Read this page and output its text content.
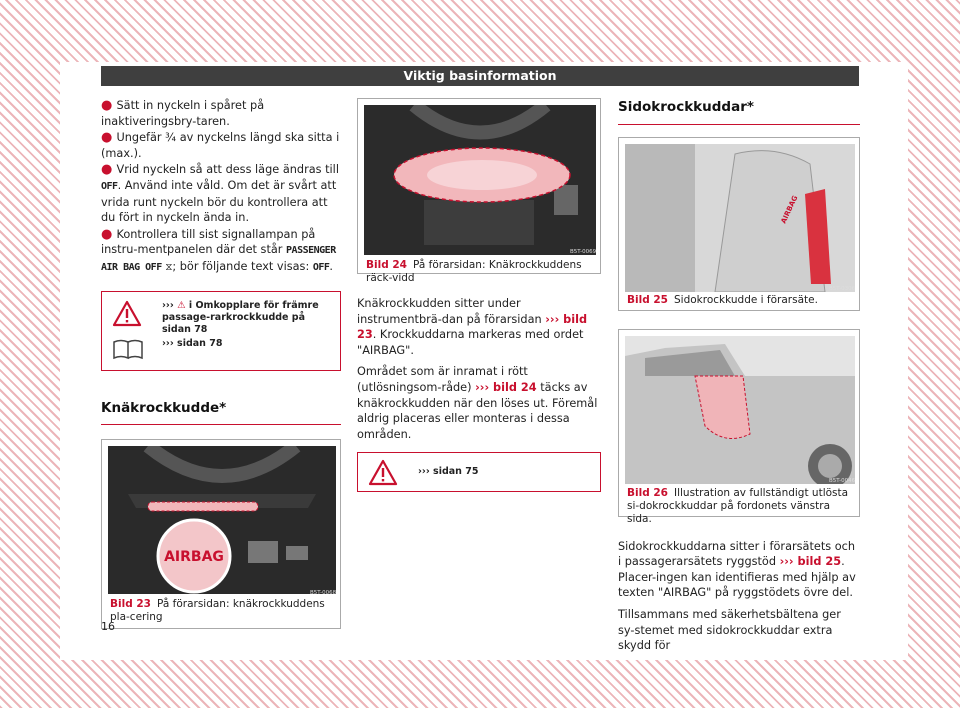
Viktig basinformation
● Sätt in nyckeln i spåret på inaktiveringsbry-taren.
● Ungefär ¾ av nyckelns längd ska sitta i (max.).
● Vrid nyckeln så att dess läge ändras till OFF. Använd inte våld. Om det är svårt att vrida runt nyckeln bör du kontrollera att du fört in nyckeln ända in.
● Kontrollera till sist signallampan på instru-mentpanelen där det står PASSENGER AIR BAG OFF ⧖; bör följande text visas: OFF.
››› ⚠ i Omkopplare för främre passage-rarkrockkudde på sidan 78
››› sidan 78
Knäkrockkudde*
AIRBAG
B5T-0068
Bild 23 På förarsidan: knäkrockkuddens pla-cering
B5T-0069
Bild 24 På förarsidan: Knäkrockkuddens räck-vidd

Knäkrockkudden sitter under instrumentbrä-dan på förarsidan ››› bild 23. Krockkuddarna markeras med ordet "AIRBAG".

Området som är inramat i rött (utlösningsom-råde) ››› bild 24 täcks av knäkrockkudden när den löses ut. Föremål aldrig placeras eller monteras i dessa områden.

››› sidan 75
Sidokrockkuddar*
AIRBAG
B5T-0306
Bild 25 Sidokrockkudde i förarsäte.
B5T-0046
Bild 26 Illustration av fullständigt utlösta si-dokrockkuddar på fordonets vänstra sida.

Sidokrockkuddarna sitter i förarsätets och i passagerarsätets ryggstöd ››› bild 25. Placer-ingen kan identifieras med hjälp av texten "AIRBAG" på ryggstödets övre del.

Tillsammans med säkerhetsbältena ger sy-stemet med sidokrockkuddar extra skydd för

16
